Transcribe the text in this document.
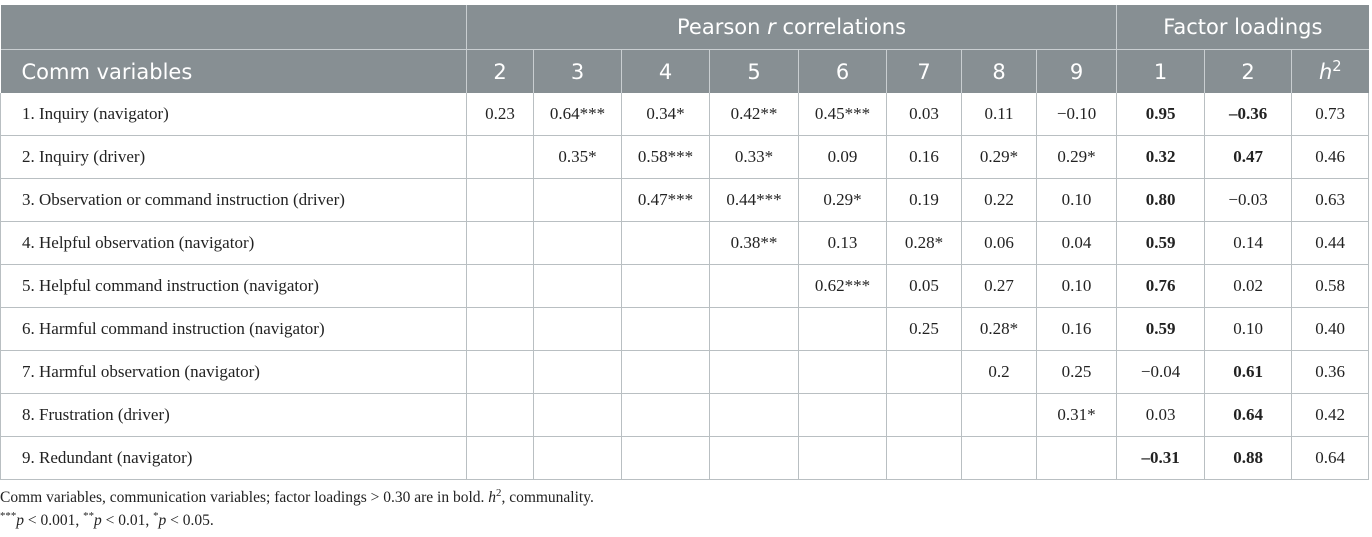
	Pearson r correlations								Factor loadings		
Comm variables	2	3	4	5	6	7	8	9	1	2	$h^2$
1. Inquiry (navigator)	0.23	0.64***	0.34*	0.42**	0.45***	0.03	0.11	−0.10	0.95	–0.36	0.73
2. Inquiry (driver)		0.35*	0.58***	0.33*	0.09	0.16	0.29*	0.29*	0.32	0.47	0.46
3. Observation or command instruction (driver)			0.47***	0.44***	0.29*	0.19	0.22	0.10	0.80	−0.03	0.63
4. Helpful observation (navigator)				0.38**	0.13	0.28*	0.06	0.04	0.59	0.14	0.44
5. Helpful command instruction (navigator)					0.62***	0.05	0.27	0.10	0.76	0.02	0.58
6. Harmful command instruction (navigator)						0.25	0.28*	0.16	0.59	0.10	0.40
7. Harmful observation (navigator)							0.2	0.25	−0.04	0.61	0.36
8. Frustration (driver)								0.31*	0.03	0.64	0.42
9. Redundant (navigator)									–0.31	0.88	0.64
Comm variables, communication variables; factor loadings > 0.30 are in bold. $h^2$, communality.
***p < 0.001, **p < 0.01, *p < 0.05.
